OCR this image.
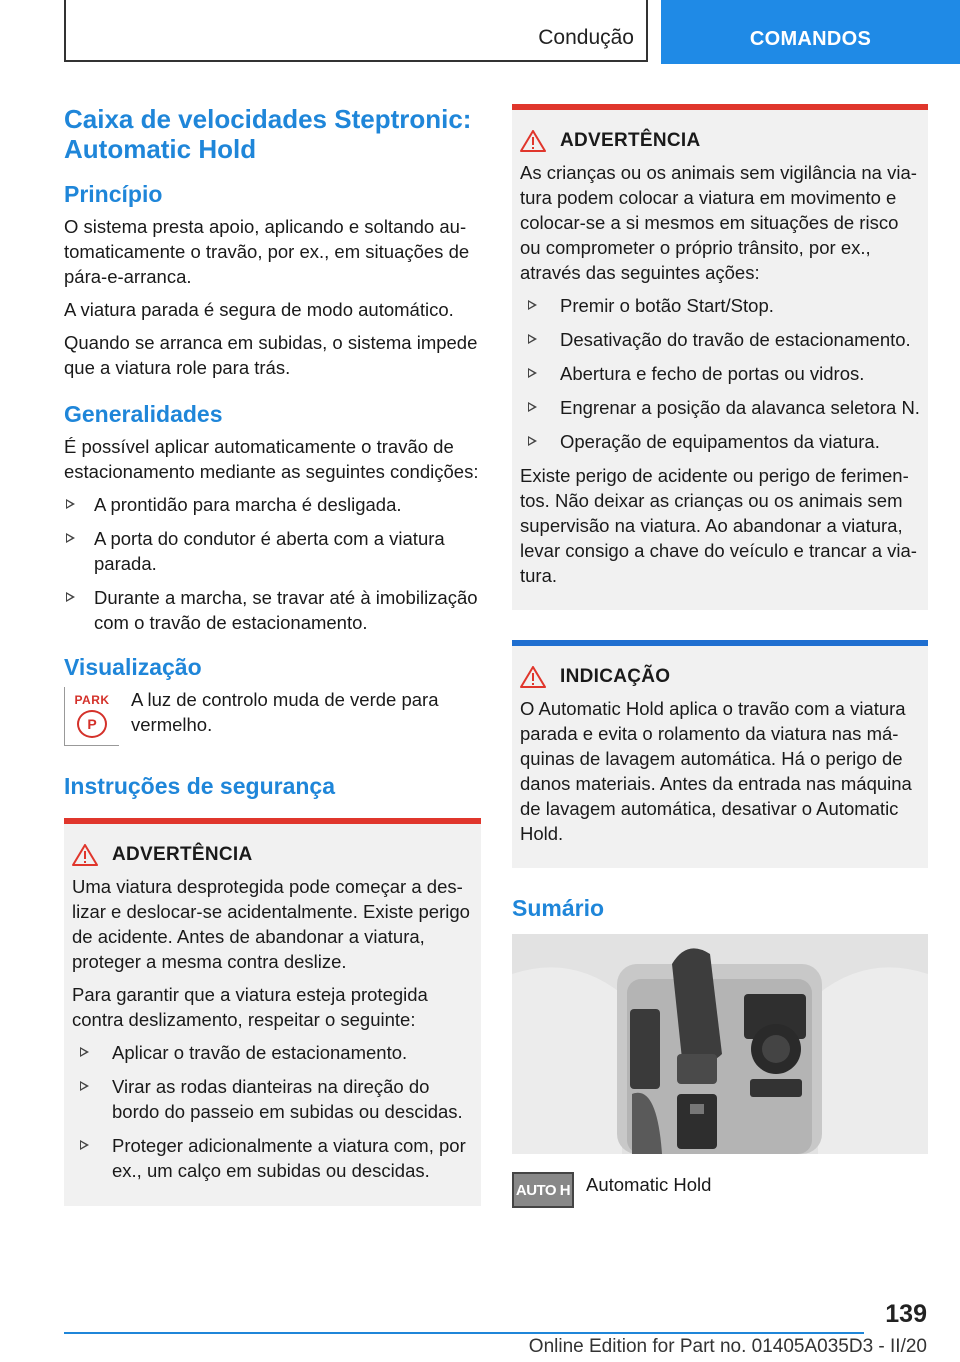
Condução	COMANDOS
Caixa de velocidades Steptronic:
Automatic Hold
Princípio

O sistema presta apoio, aplicando e soltando automaticamente o travão, por ex., em situações de pára-e-arranca.

A viatura parada é segura de modo automático.

Quando se arranca em subidas, o sistema impede que a viatura role para trás.

Generalidades

É possível aplicar automaticamente o travão de estacionamento mediante as seguintes condições:

A prontidão para marcha é desligada.
A porta do condutor é aberta com a viatura parada.
Durante a marcha, se travar até à imobilização com o travão de estacionamento.
Visualização
PARK
P

A luz de controlo muda de verde para vermelho.

Instruções de segurança
ADVERTÊNCIA

Uma viatura desprotegida pode começar a deslizar e deslocar-se acidentalmente. Existe perigo de acidente. Antes de abandonar a viatura, proteger a mesma contra deslize.

Para garantir que a viatura esteja protegida contra deslizamento, respeitar o seguinte:

Aplicar o travão de estacionamento.
Virar as rodas dianteiras na direção do bordo do passeio em subidas ou descidas.
Proteger adicionalmente a viatura com, por ex., um calço em subidas ou descidas.
ADVERTÊNCIA

As crianças ou os animais sem vigilância na viatura podem colocar a viatura em movimento e colocar-se a si mesmos em situações de risco ou comprometer o próprio trânsito, por ex., através das seguintes ações:

Premir o botão Start/Stop.
Desativação do travão de estacionamento.
Abertura e fecho de portas ou vidros.
Engrenar a posição da alavanca seletora N.
Operação de equipamentos da viatura.

Existe perigo de acidente ou perigo de ferimentos. Não deixar as crianças ou os animais sem supervisão na viatura. Ao abandonar a viatura, levar consigo a chave do veículo e trancar a viatura.

INDICAÇÃO

O Automatic Hold aplica o travão com a viatura parada e evita o rolamento da viatura nas máquinas de lavagem automática. Há o perigo de danos materiais. Antes da entrada nas máquina de lavagem automática, desativar o Automatic Hold.

Sumário
AUTO H Automatic Hold
139
Online Edition for Part no. 01405A035D3 - II/20
